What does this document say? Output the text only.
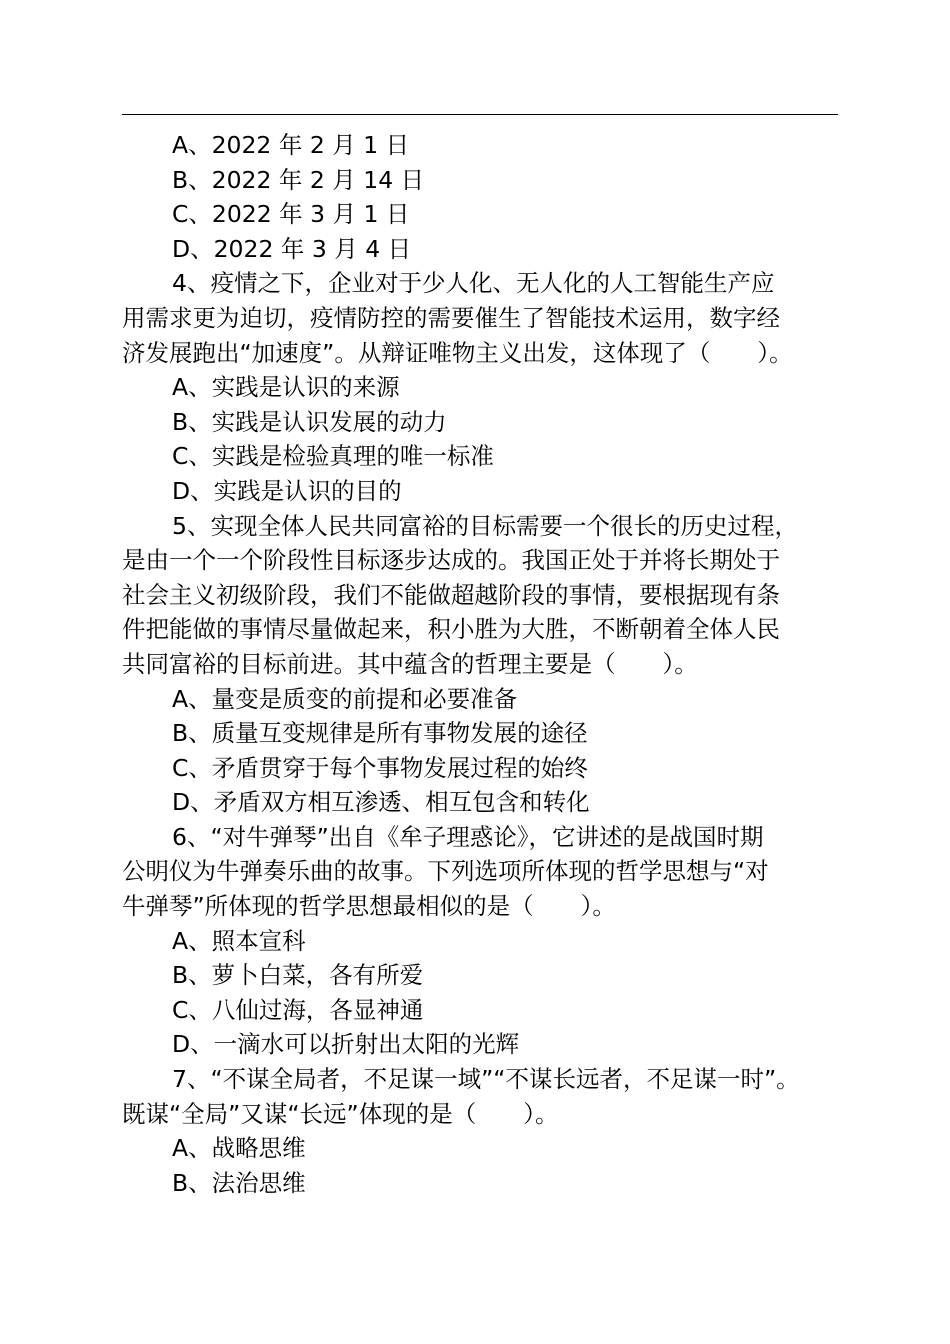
A、2022 年 2 月 1 日
B、2022 年 2 月 14 日
C、2022 年 3 月 1 日
D、2022 年 3 月 4 日
4、疫情之下，企业对于少人化、无人化的人工智能生产应
用需求更为迫切，疫情防控的需要催生了智能技术运用，数字经
济发展跑出“加速度”。从辩证唯物主义出发，这体现了（　　）。
A、实践是认识的来源
B、实践是认识发展的动力
C、实践是检验真理的唯一标准
D、实践是认识的目的
5、实现全体人民共同富裕的目标需要一个很长的历史过程，
是由一个一个阶段性目标逐步达成的。我国正处于并将长期处于
社会主义初级阶段，我们不能做超越阶段的事情，要根据现有条
件把能做的事情尽量做起来，积小胜为大胜，不断朝着全体人民
共同富裕的目标前进。其中蕴含的哲理主要是（　　）。
A、量变是质变的前提和必要准备
B、质量互变规律是所有事物发展的途径
C、矛盾贯穿于每个事物发展过程的始终
D、矛盾双方相互渗透、相互包含和转化
6、“对牛弹琴”出自《牟子理惑论》，它讲述的是战国时期
公明仪为牛弹奏乐曲的故事。下列选项所体现的哲学思想与“对
牛弹琴”所体现的哲学思想最相似的是（　　）。
A、照本宣科
B、萝卜白菜，各有所爱
C、八仙过海，各显神通
D、一滴水可以折射出太阳的光辉
7、“不谋全局者，不足谋一域”“不谋长远者，不足谋一时”。
既谋“全局”又谋“长远”体现的是（　　）。
A、战略思维
B、法治思维
